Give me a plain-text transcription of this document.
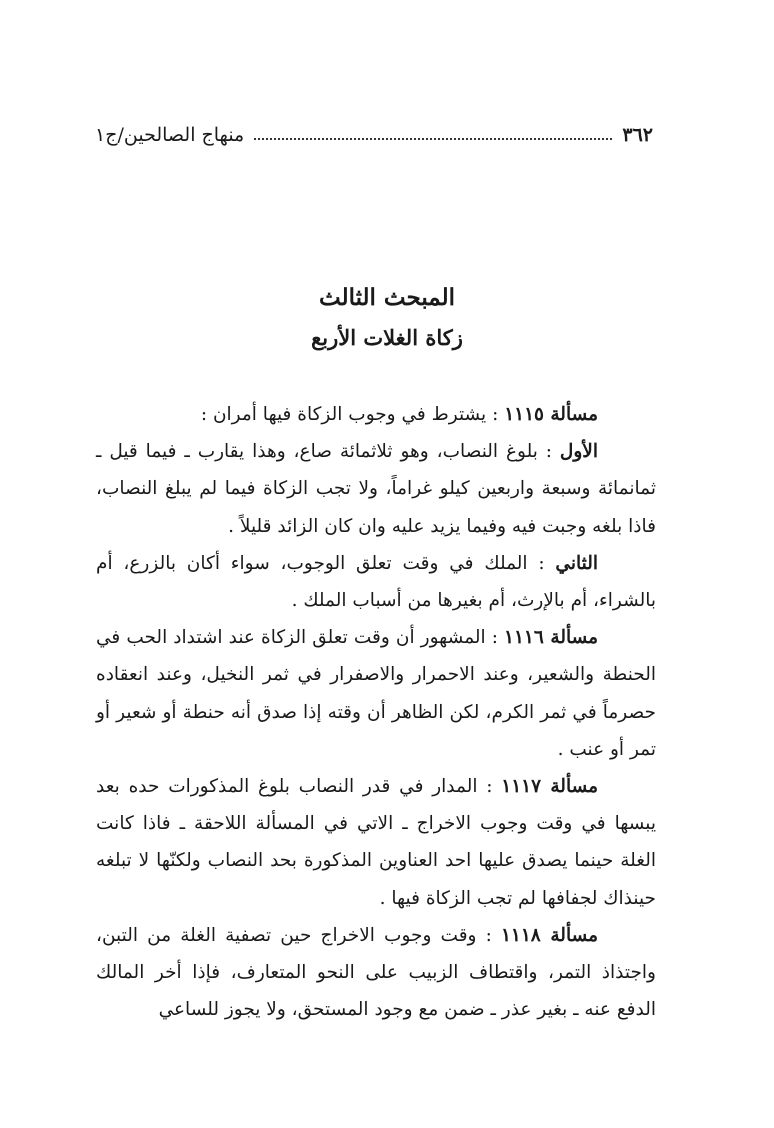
٣٦٢
منهاج الصالحين/ج١
المبحث الثالث
زكاة الغلات الأربع

مسألة ١١١٥ : يشترط في وجوب الزكاة فيها أمران :

الأول : بلوغ النصاب، وهو ثلاثمائة صاع، وهذا يقارب ـ فيما قيل ـ ثمانمائة وسبعة واربعين كيلو غراماً، ولا تجب الزكاة فيما لم يبلغ النصاب، فاذا بلغه وجبت فيه وفيما يزيد عليه وان كان الزائد قليلاً .

الثاني : الملك في وقت تعلق الوجوب، سواء أكان بالزرع، أم بالشراء، أم بالإرث، أم بغيرها من أسباب الملك .

مسألة ١١١٦ : المشهور أن وقت تعلق الزكاة عند اشتداد الحب في الحنطة والشعير، وعند الاحمرار والاصفرار في ثمر النخيل، وعند انعقاده حصرماً في ثمر الكرم، لكن الظاهر أن وقته إذا صدق أنه حنطة أو شعير أو تمر أو عنب .

مسألة ١١١٧ : المدار في قدر النصاب بلوغ المذكورات حده بعد يبسها في وقت وجوب الاخراج ـ الاتي في المسألة اللاحقة ـ فاذا كانت الغلة حينما يصدق عليها احد العناوين المذكورة بحد النصاب ولكنّها لا تبلغه حينذاك لجفافها لم تجب الزكاة فيها .

مسألة ١١١٨ : وقت وجوب الاخراج حين تصفية الغلة من التبن، واجتذاذ التمر، واقتطاف الزبيب على النحو المتعارف، فإذا أخر المالك الدفع عنه ـ بغير عذر ـ ضمن مع وجود المستحق، ولا يجوز للساعي
